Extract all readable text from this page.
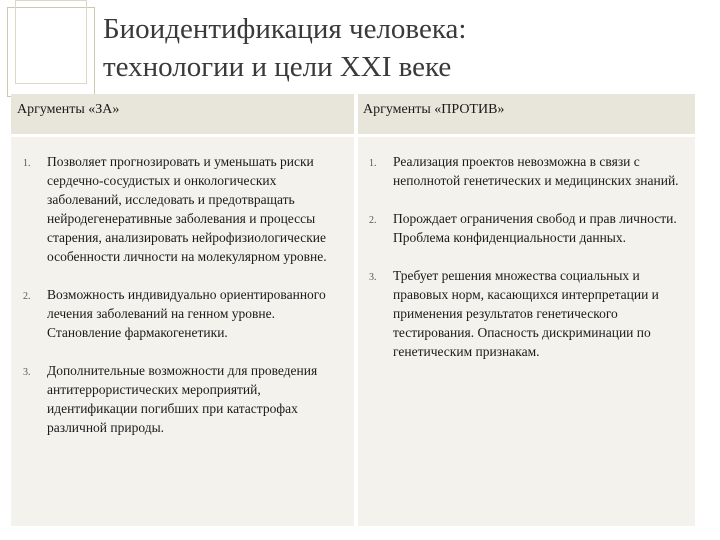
Биоидентификация человека:
технологии и цели XXI веке
Аргументы «ЗА»	Аргументы «ПРОТИВ»
1. Позволяет прогнозировать и уменьшать риски сердечно-сосудистых и онкологических заболеваний, исследовать и предотвращать нейродегенеративные заболевания и процессы старения, анализировать нейрофизиологические особенности личности на молекулярном уровне.

2. Возможность индивидуально ориентированного лечения заболеваний на генном уровне. Становление фармакогенетики.

3. Дополнительные возможности для проведения антитеррористических мероприятий, идентификации погибших при катастрофах различной природы.

1. Реализация проектов невозможна в связи с неполнотой генетических и медицинских знаний.

2. Порождает ограничения свобод и прав личности. Проблема конфиденциальности данных.

3. Требует решения множества социальных и правовых норм, касающихся интерпретации и применения результатов генетического тестирования. Опасность дискриминации по генетическим признакам.
